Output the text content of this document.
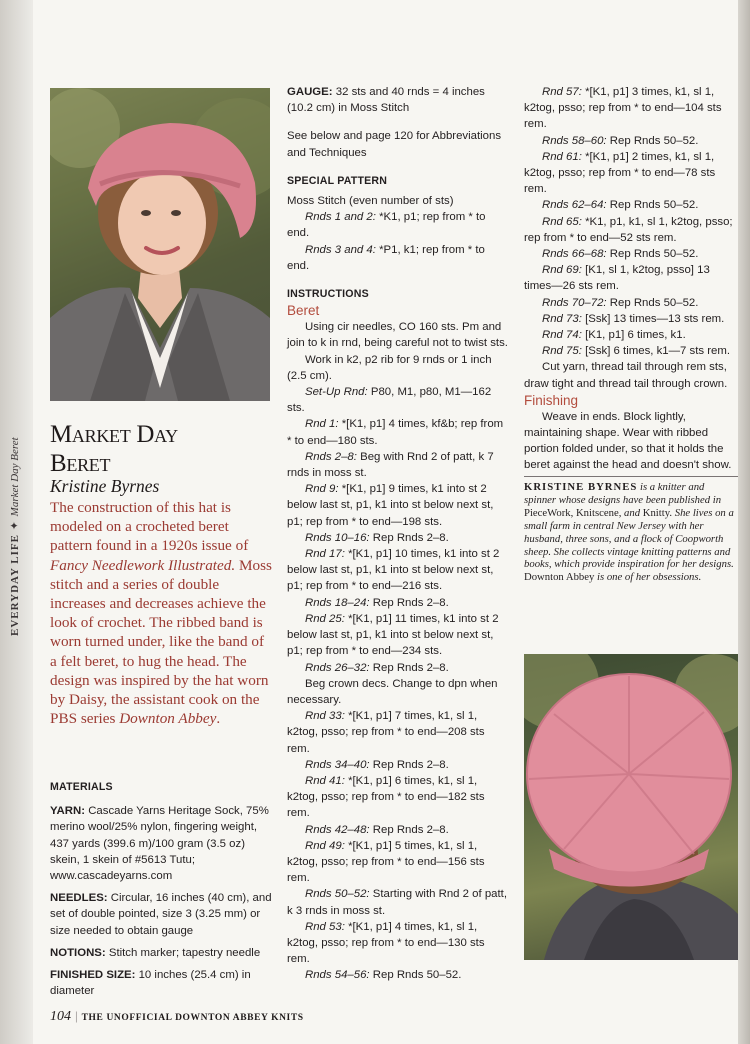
EVERYDAY LIFE ✦ Market Day Beret
Market Day
Beret
Kristine Byrnes

The construction of this hat is modeled on a crocheted beret pattern found in a 1920s issue of Fancy Needlework Illustrated. Moss stitch and a series of double increases and decreases achieve the look of crochet. The ribbed band is worn turned under, like the band of a felt beret, to hug the head. The design was inspired by the hat worn by Daisy, the assistant cook on the PBS series Downton Abbey.

MATERIALS
YARN: Cascade Yarns Heritage Sock, 75% merino wool/25% nylon, fingering weight, 437 yards (399.6 m)/100 gram (3.5 oz) skein, 1 skein of #5613 Tutu; www.cascadeyarns.com
NEEDLES: Circular, 16 inches (40 cm), and set of double pointed, size 3 (3.25 mm) or size needed to obtain gauge
NOTIONS: Stitch marker; tapestry needle
FINISHED SIZE: 10 inches (25.4 cm) in diameter
GAUGE: 32 sts and 40 rnds = 4 inches (10.2 cm) in Moss Stitch
See below and page 120 for Abbreviations and Techniques
SPECIAL PATTERN
Moss Stitch (even number of sts)
Rnds 1 and 2: *K1, p1; rep from * to end.
Rnds 3 and 4: *P1, k1; rep from * to end.
INSTRUCTIONS
Beret
Using cir needles, CO 160 sts. Pm and join to k in rnd, being careful not to twist sts.
Work in k2, p2 rib for 9 rnds or 1 inch (2.5 cm).
Set-Up Rnd: P80, M1, p80, M1—162 sts.
Rnd 1: *[K1, p1] 4 times, kf&b; rep from * to end—180 sts.
Rnds 2–8: Beg with Rnd 2 of patt, k 7 rnds in moss st.
Rnd 9: *[K1, p1] 9 times, k1 into st 2 below last st, p1, k1 into st below next st, p1; rep from * to end—198 sts.
Rnds 10–16: Rep Rnds 2–8.
Rnd 17: *[K1, p1] 10 times, k1 into st 2 below last st, p1, k1 into st below next st, p1; rep from * to end—216 sts.
Rnds 18–24: Rep Rnds 2–8.
Rnd 25: *[K1, p1] 11 times, k1 into st 2 below last st, p1, k1 into st below next st, p1; rep from * to end—234 sts.
Rnds 26–32: Rep Rnds 2–8.
Beg crown decs. Change to dpn when necessary.
Rnd 33: *[K1, p1] 7 times, k1, sl 1, k2tog, psso; rep from * to end—208 sts rem.
Rnds 34–40: Rep Rnds 2–8.
Rnd 41: *[K1, p1] 6 times, k1, sl 1, k2tog, psso; rep from * to end—182 sts rem.
Rnds 42–48: Rep Rnds 2–8.
Rnd 49: *[K1, p1] 5 times, k1, sl 1, k2tog, psso; rep from * to end—156 sts rem.
Rnds 50–52: Starting with Rnd 2 of patt, k 3 rnds in moss st.
Rnd 53: *[K1, p1] 4 times, k1, sl 1, k2tog, psso; rep from * to end—130 sts rem.
Rnds 54–56: Rep Rnds 50–52.
Rnd 57: *[K1, p1] 3 times, k1, sl 1, k2tog, psso; rep from * to end—104 sts rem.
Rnds 58–60: Rep Rnds 50–52.
Rnd 61: *[K1, p1] 2 times, k1, sl 1, k2tog, psso; rep from * to end—78 sts rem.
Rnds 62–64: Rep Rnds 50–52.
Rnd 65: *K1, p1, k1, sl 1, k2tog, psso; rep from * to end—52 sts rem.
Rnds 66–68: Rep Rnds 50–52.
Rnd 69: [K1, sl 1, k2tog, psso] 13 times—26 sts rem.
Rnds 70–72: Rep Rnds 50–52.
Rnd 73: [Ssk] 13 times—13 sts rem.
Rnd 74: [K1, p1] 6 times, k1.
Rnd 75: [Ssk] 6 times, k1—7 sts rem.
Cut yarn, thread tail through rem sts, draw tight and thread tail through crown.
Finishing
Weave in ends. Block lightly, maintaining shape. Wear with ribbed portion folded under, so that it holds the beret against the head and doesn't show.
KRISTINE BYRNES is a knitter and spinner whose designs have been published in PieceWork, Knitscene, and Knitty. She lives on a small farm in central New Jersey with her husband, three sons, and a flock of Coopworth sheep. She collects vintage knitting patterns and books, which provide inspiration for her designs. Downton Abbey is one of her obsessions.
104 | THE UNOFFICIAL DOWNTON ABBEY KNITS
